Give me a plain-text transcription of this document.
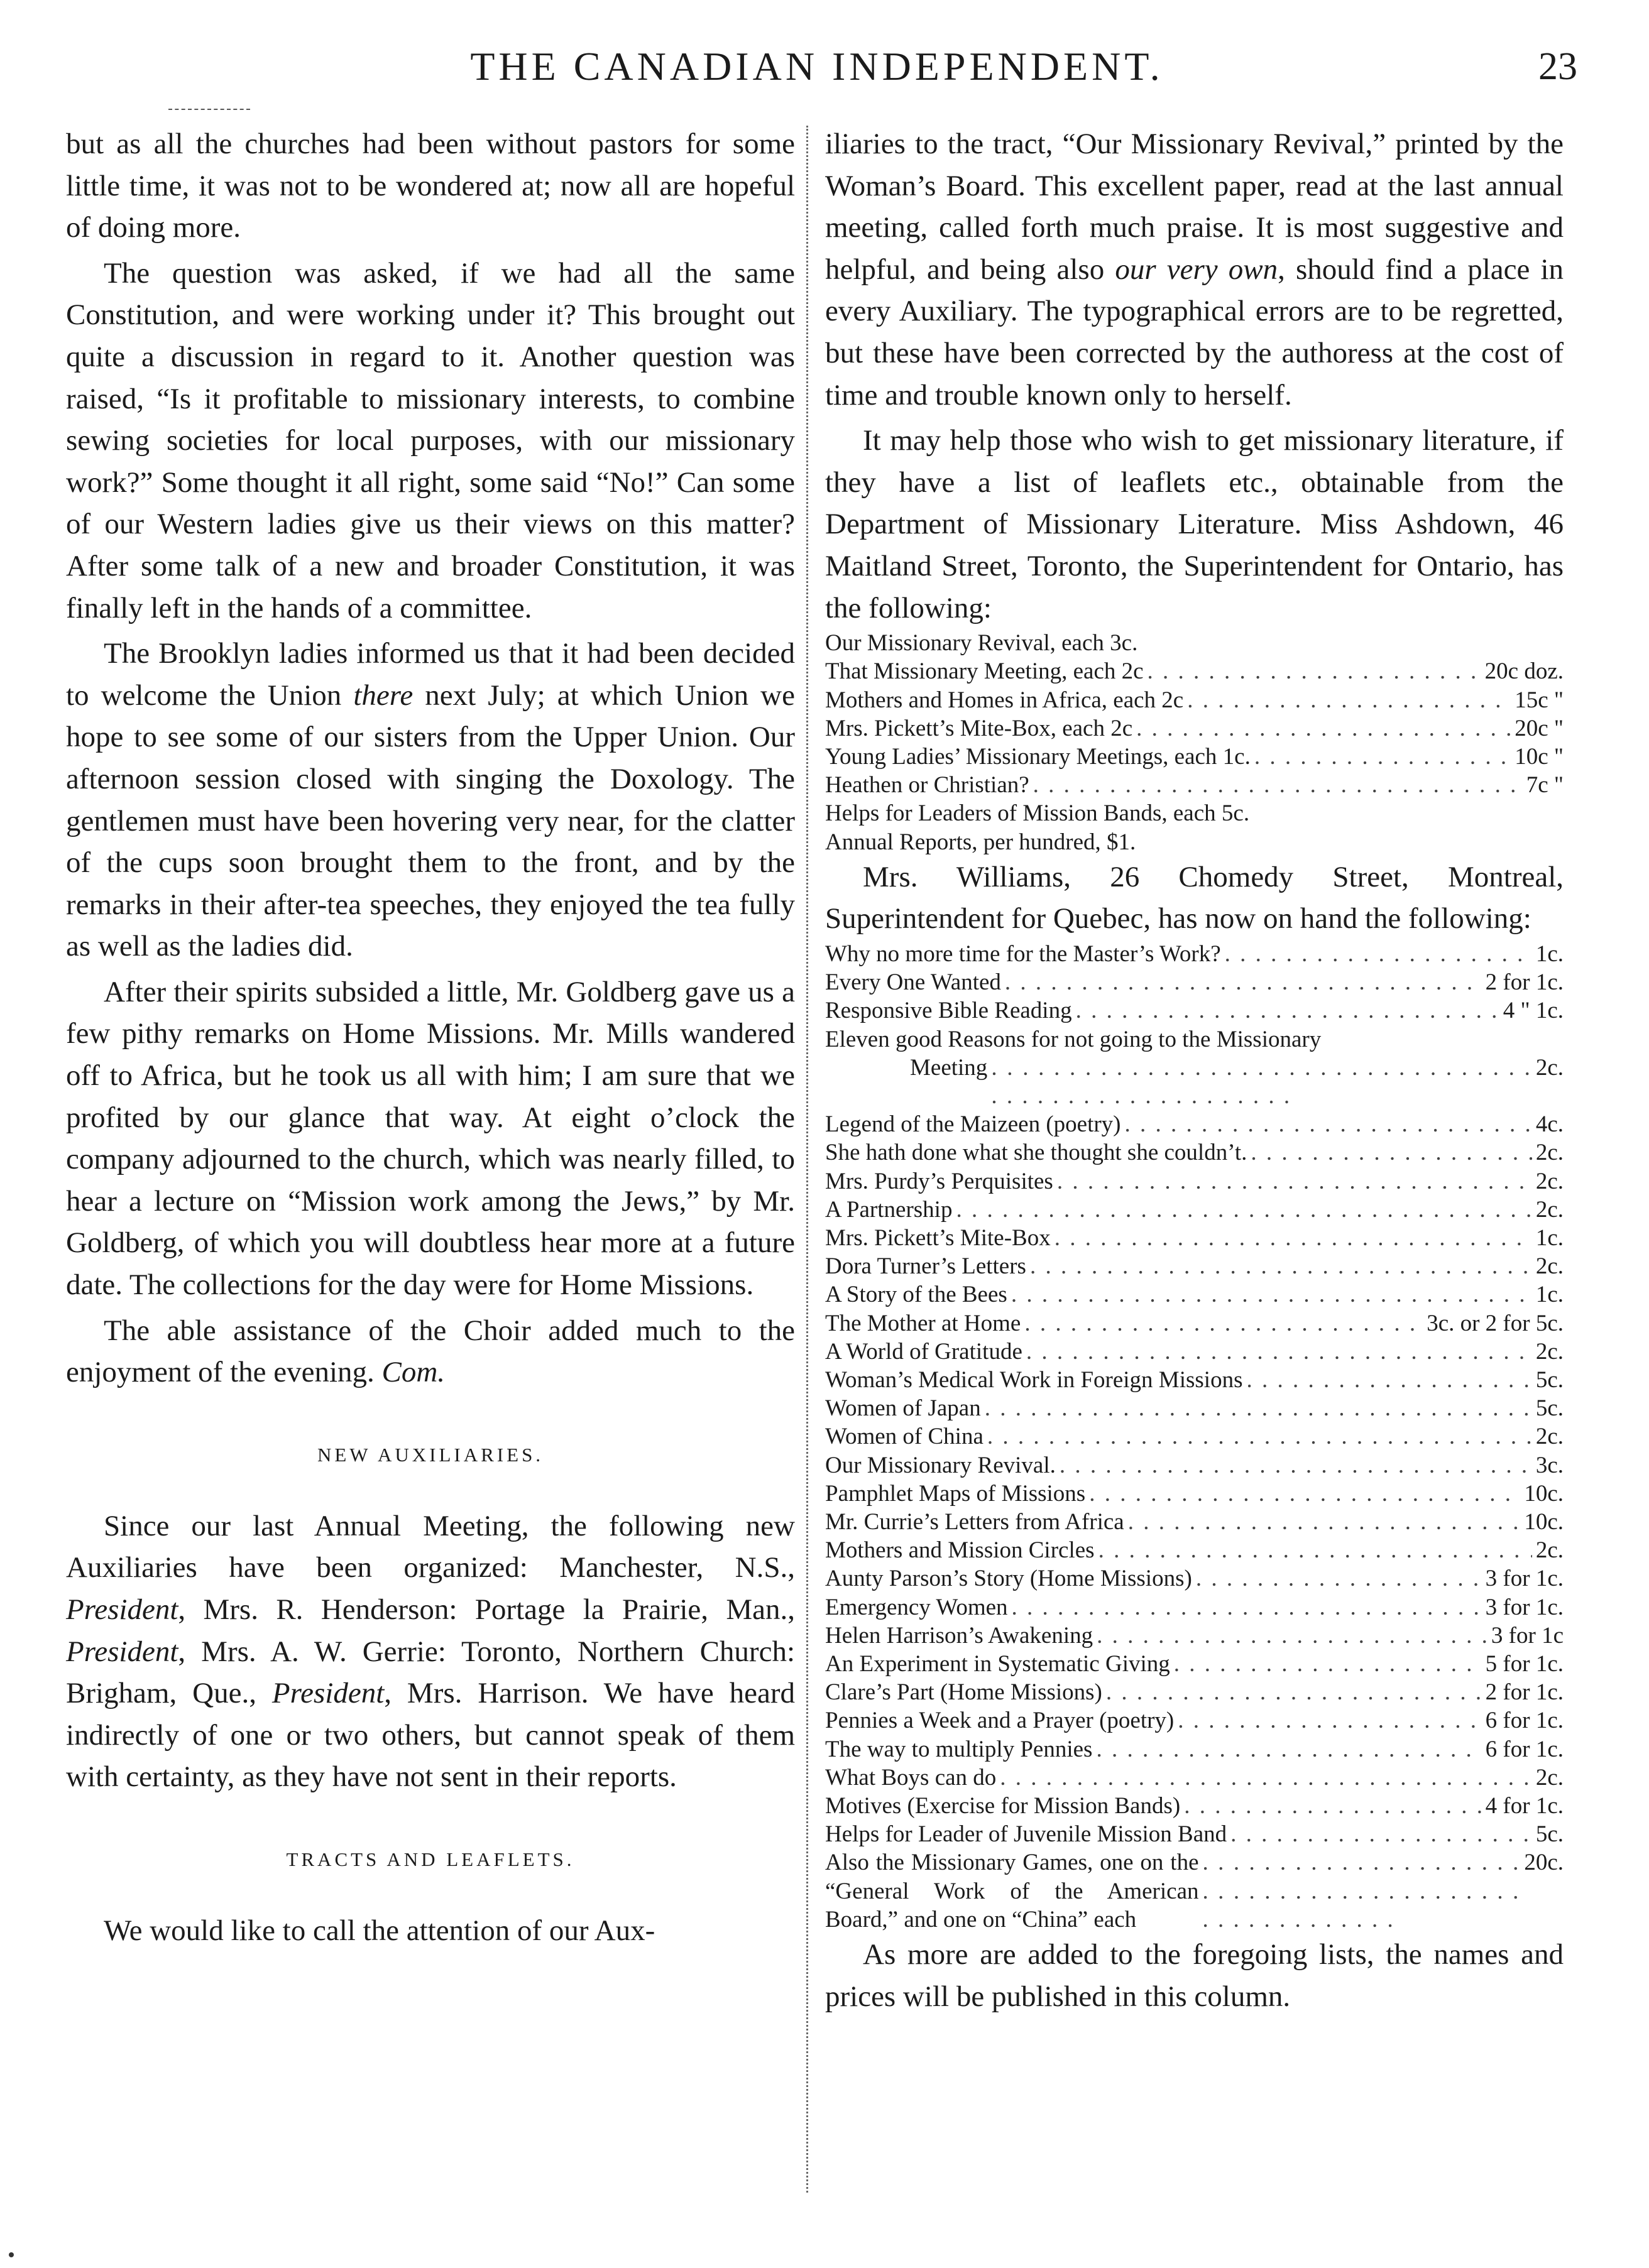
THE CANADIAN INDEPENDENT.	23

but as all the churches had been without pastors for some little time, it was not to be wondered at; now all are hopeful of doing more.

The question was asked, if we had all the same Constitution, and were working under it? This brought out quite a discussion in regard to it. Another question was raised, “Is it profitable to missionary interests, to combine sewing societies for local purposes, with our missionary work?” Some thought it all right, some said “No!” Can some of our Western ladies give us their views on this matter? After some talk of a new and broader Constitution, it was finally left in the hands of a committee.

The Brooklyn ladies informed us that it had been decided to welcome the Union there next July; at which Union we hope to see some of our sisters from the Upper Union. Our afternoon session closed with singing the Doxology. The gentlemen must have been hovering very near, for the clatter of the cups soon brought them to the front, and by the remarks in their after-tea speeches, they enjoyed the tea fully as well as the ladies did.

After their spirits subsided a little, Mr. Goldberg gave us a few pithy remarks on Home Missions. Mr. Mills wandered off to Africa, but he took us all with him; I am sure that we profited by our glance that way. At eight o’clock the company adjourned to the church, which was nearly filled, to hear a lecture on “Mission work among the Jews,” by Mr. Goldberg, of which you will doubtless hear more at a future date. The collections for the day were for Home Missions.

The able assistance of the Choir added much to the enjoyment of the evening. Com.

NEW AUXILIARIES.

Since our last Annual Meeting, the following new Auxiliaries have been organized: Manchester, N.S., President, Mrs. R. Henderson: Portage la Prairie, Man., President, Mrs. A. W. Gerrie: Toronto, Northern Church: Brigham, Que., President, Mrs. Harrison. We have heard indirectly of one or two others, but cannot speak of them with certainty, as they have not sent in their reports.

TRACTS AND LEAFLETS.

We would like to call the attention of our Aux-

iliaries to the tract, “Our Missionary Revival,” printed by the Woman’s Board. This excellent paper, read at the last annual meeting, called forth much praise. It is most suggestive and helpful, and being also our very own, should find a place in every Auxiliary. The typographical errors are to be regretted, but these have been corrected by the authoress at the cost of time and trouble known only to herself.

It may help those who wish to get missionary literature, if they have a list of leaflets etc., obtainable from the Department of Missionary Literature. Miss Ashdown, 46 Maitland Street, Toronto, the Superintendent for Ontario, has the following:

Our Missionary Revival, each 3c.
That Missionary Meeting, each 2c . . .	20c doz.
Mothers and Homes in Africa, each 2c . . .	15c "
Mrs. Pickett’s Mite-Box, each 2c . . .	20c "
Young Ladies’ Missionary Meetings, each 1c. . . .	10c "
Heathen or Christian? . . .	7c "
Helps for Leaders of Mission Bands, each 5c.
Annual Reports, per hundred, $1.

Mrs. Williams, 26 Chomedy Street, Montreal, Superintendent for Quebec, has now on hand the following:

Why no more time for the Master’s Work? . . .	1c.
Every One Wanted . . .	2 for 1c.
Responsive Bible Reading . . .	4 " 1c.
Eleven good Reasons for not going to the Missionary
Meeting . . .	2c.
Legend of the Maizeen (poetry) . . .	4c.
She hath done what she thought she couldn’t. . . .	2c.
Mrs. Purdy’s Perquisites . . .	2c.
A Partnership . . .	2c.
Mrs. Pickett’s Mite-Box . . .	1c.
Dora Turner’s Letters . . .	2c.
A Story of the Bees . . .	1c.
The Mother at Home . . .	3c. or 2 for 5c.
A World of Gratitude . . .	2c.
Woman’s Medical Work in Foreign Missions . . .	5c.
Women of Japan . . .	5c.
Women of China . . .	2c.
Our Missionary Revival. . . .	3c.
Pamphlet Maps of Missions . . .	10c.
Mr. Currie’s Letters from Africa . . .	10c.
Mothers and Mission Circles . . .	2c.
Aunty Parson’s Story (Home Missions) . . .	3 for 1c.
Emergency Women . . .	3 for 1c.
Helen Harrison’s Awakening . . .	3 for 1c
An Experiment in Systematic Giving . . .	5 for 1c.
Clare’s Part (Home Missions) . . .	2 for 1c.
Pennies a Week and a Prayer (poetry) . . .	6 for 1c.
The way to multiply Pennies . . .	6 for 1c.
What Boys can do . . .	2c.
Motives (Exercise for Mission Bands) . . .	4 for 1c.
Helps for Leader of Juvenile Mission Band . . .	5c.
Also the Missionary Games, one on the “General Work of the American Board,” and one on “China” each
. . .
20c.

As more are added to the foregoing lists, the names and prices will be published in this column.
